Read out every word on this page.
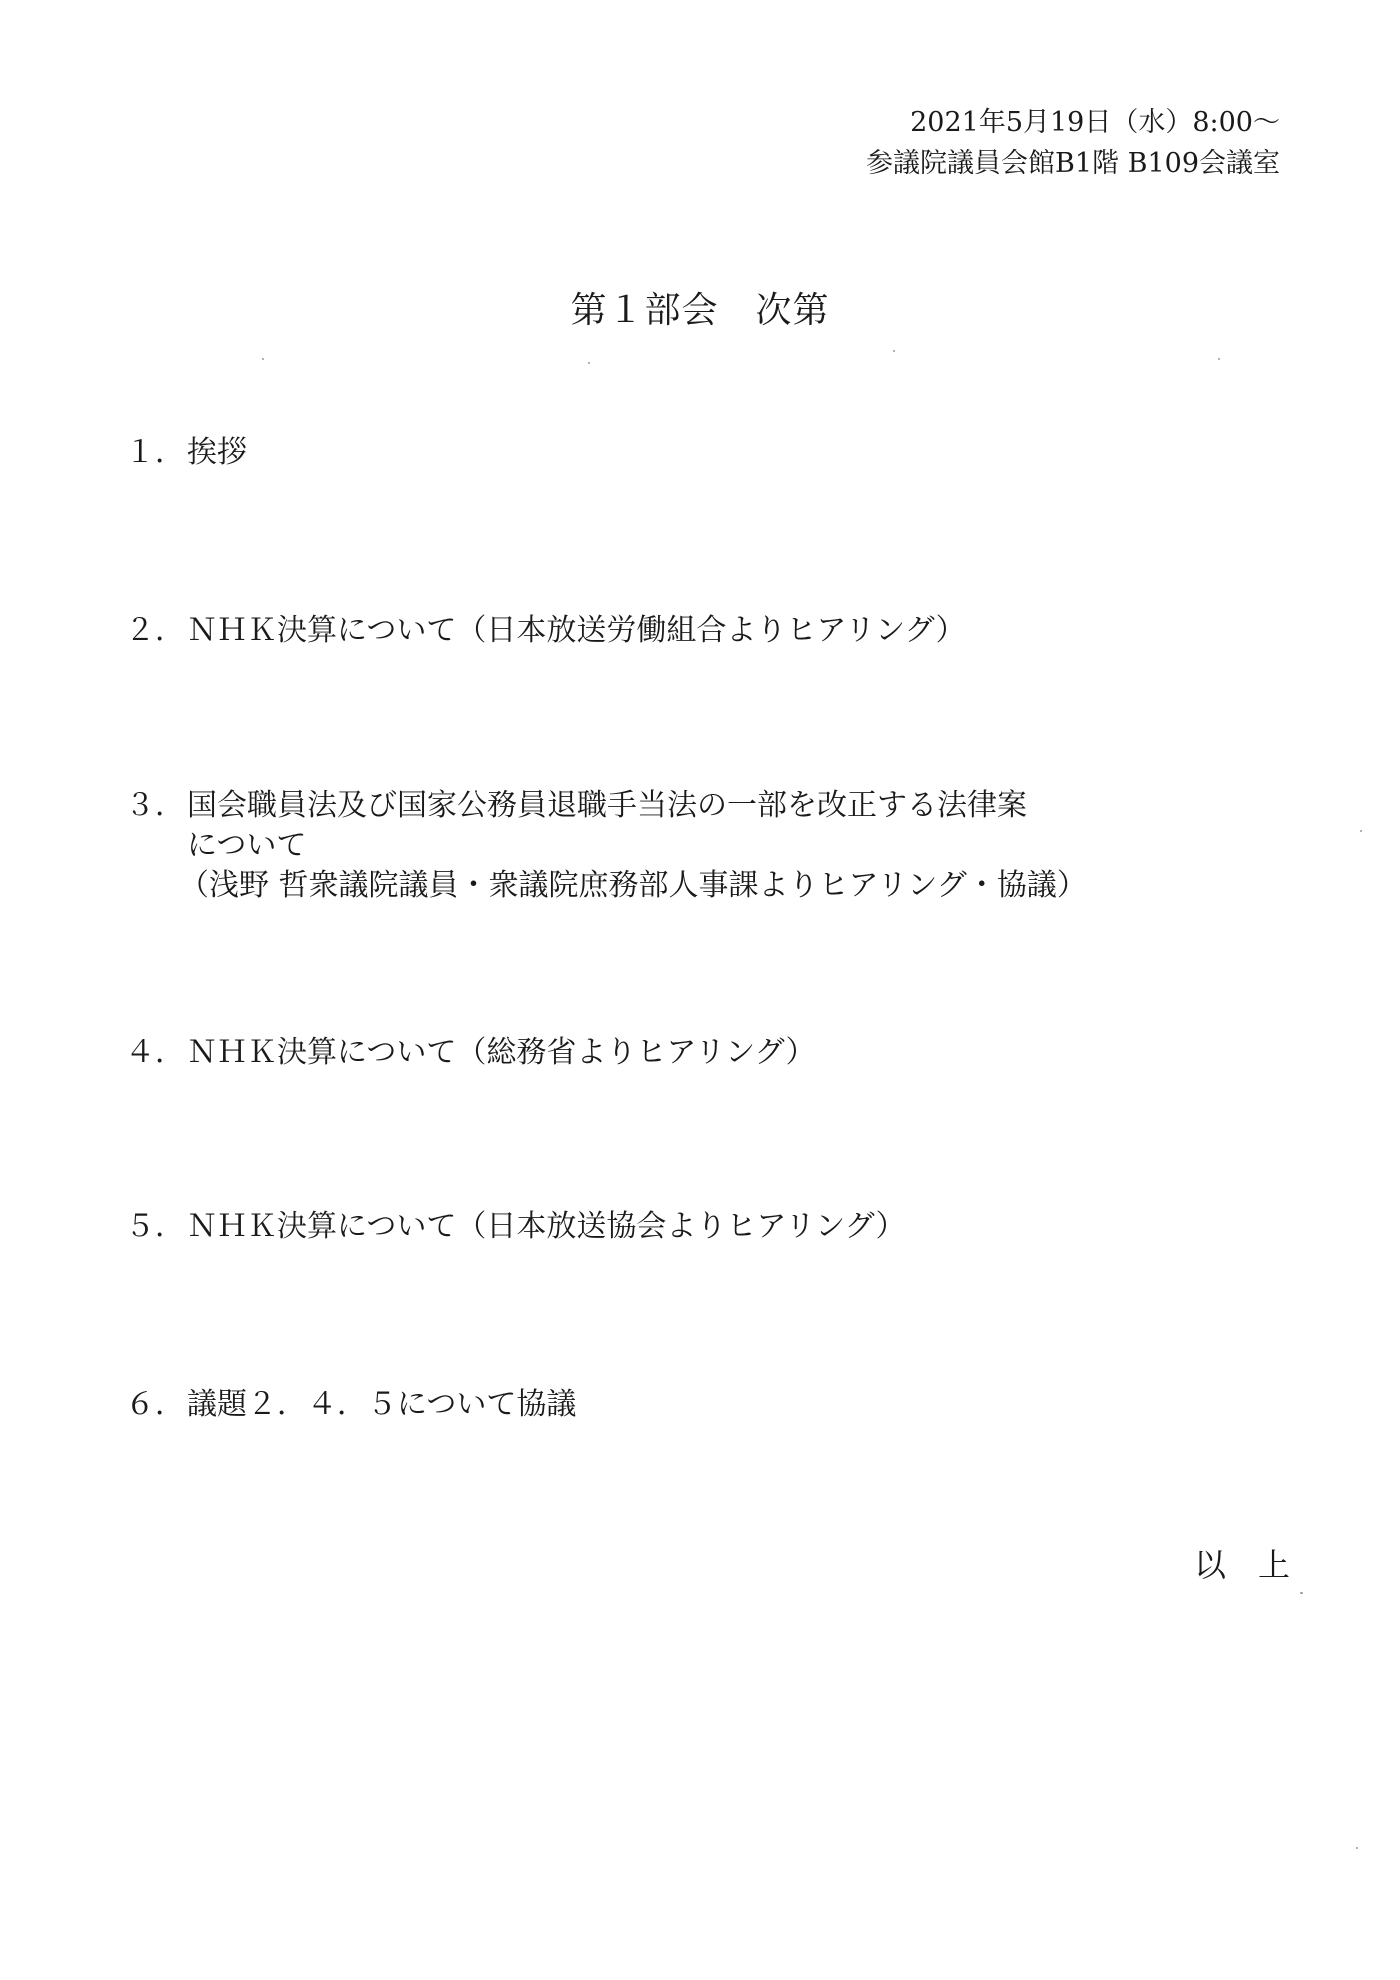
2021年5月19日（水）8:00～
参議院議員会館B1階 B109会議室
第１部会　次第
１． 挨拶
２． ＮＨＫ決算について（日本放送労働組合よりヒアリング）
３． 国会職員法及び国家公務員退職手当法の一部を改正する法律案
について
（浅野 哲衆議院議員・衆議院庶務部人事課よりヒアリング・協議）
４． ＮＨＫ決算について（総務省よりヒアリング）
５． ＮＨＫ決算について（日本放送協会よりヒアリング）
６． 議題２．４．５について協議
以　上
